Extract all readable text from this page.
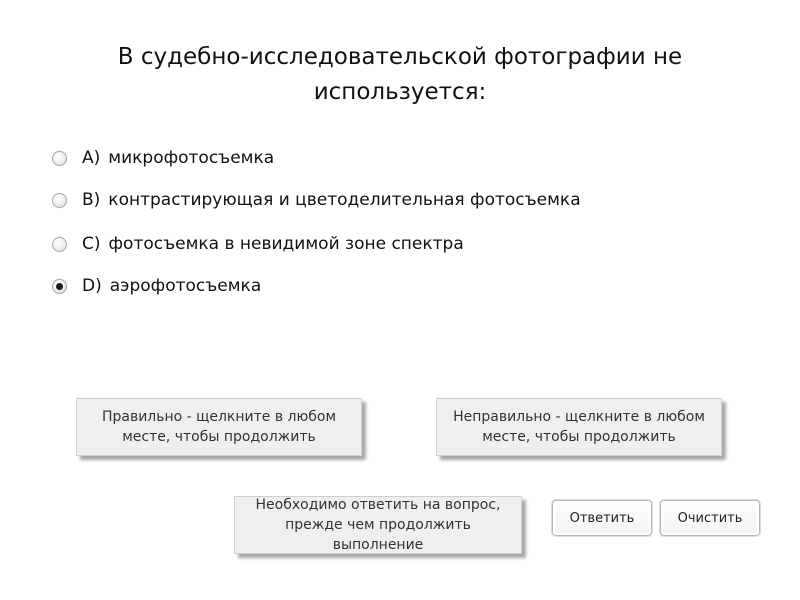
В судебно-исследовательской фотографии не используется:
A) микрофотосъемка
B) контрастирующая и цветоделительная фотосъемка
C) фотосъемка в невидимой зоне спектра
D) аэрофотосъемка
Правильно - щелкните в любом месте, чтобы продолжить
Неправильно - щелкните в любом месте, чтобы продолжить
Необходимо ответить на вопрос, прежде чем продолжить выполнение
Ответить	Очистить
